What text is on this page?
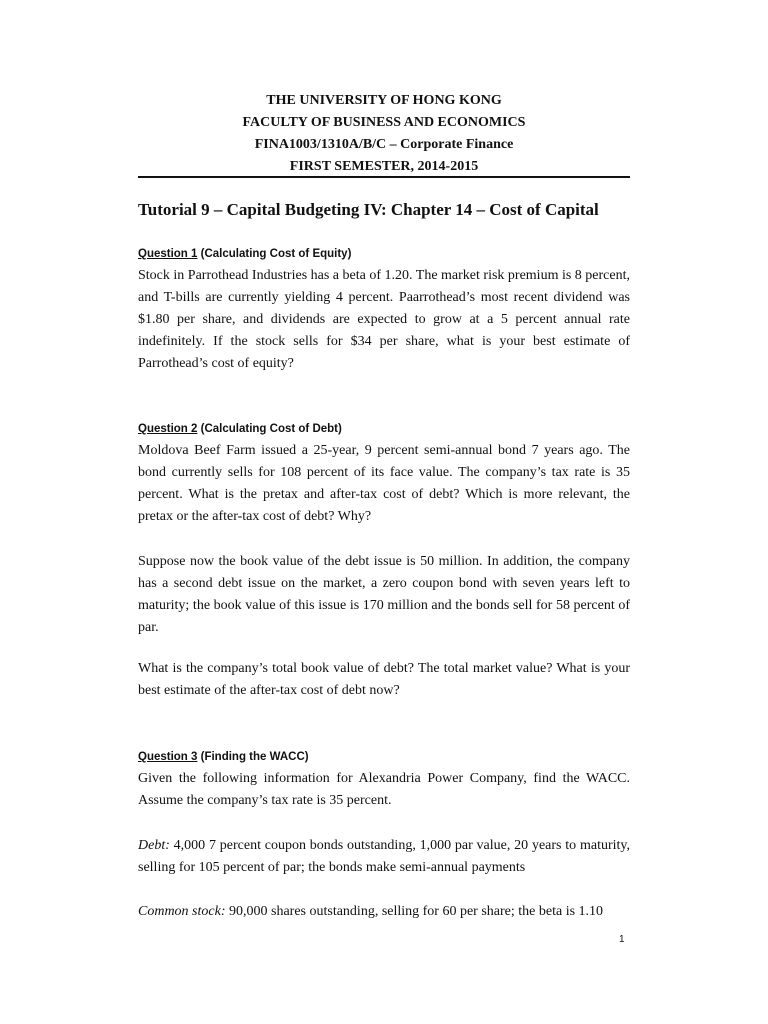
THE UNIVERSITY OF HONG KONG
FACULTY OF BUSINESS AND ECONOMICS
FINA1003/1310A/B/C – Corporate Finance
FIRST SEMESTER, 2014-2015
Tutorial 9 – Capital Budgeting IV: Chapter 14 – Cost of Capital
Question 1 (Calculating Cost of Equity)
Stock in Parrothead Industries has a beta of 1.20. The market risk premium is 8 percent, and T-bills are currently yielding 4 percent. Paarrothead’s most recent dividend was $1.80 per share, and dividends are expected to grow at a 5 percent annual rate indefinitely. If the stock sells for $34 per share, what is your best estimate of Parrothead’s cost of equity?
Question 2 (Calculating Cost of Debt)
Moldova Beef Farm issued a 25-year, 9 percent semi-annual bond 7 years ago. The bond currently sells for 108 percent of its face value. The company’s tax rate is 35 percent. What is the pretax and after-tax cost of debt? Which is more relevant, the pretax or the after-tax cost of debt? Why?
Suppose now the book value of the debt issue is 50 million. In addition, the company has a second debt issue on the market, a zero coupon bond with seven years left to maturity; the book value of this issue is 170 million and the bonds sell for 58 percent of par.
What is the company’s total book value of debt? The total market value? What is your best estimate of the after-tax cost of debt now?
Question 3 (Finding the WACC)
Given the following information for Alexandria Power Company, find the WACC. Assume the company’s tax rate is 35 percent.
Debt: 4,000 7 percent coupon bonds outstanding, 1,000 par value, 20 years to maturity, selling for 105 percent of par; the bonds make semi-annual payments
Common stock: 90,000 shares outstanding, selling for 60 per share; the beta is 1.10
1
